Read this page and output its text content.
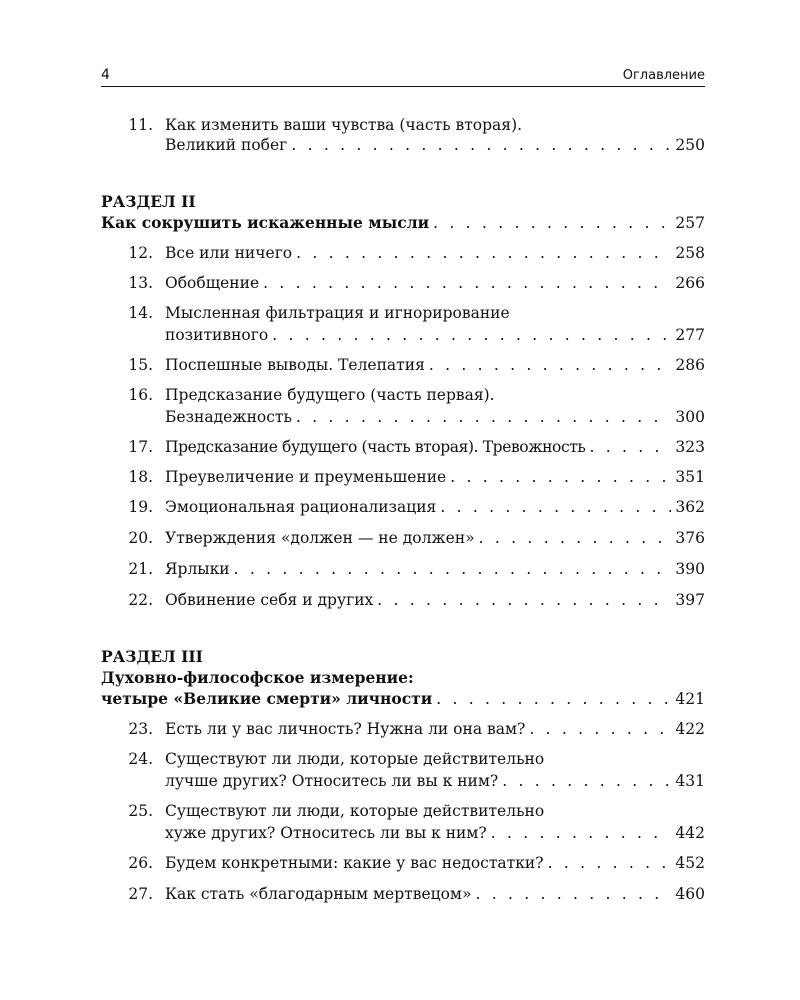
4	Оглавление
11. Как изменить ваши чувства (часть вторая).
Великий побег . . .	250
РАЗДЕЛ II
Как сокрушить искаженные мысли . . .	257
12. Все или ничего . . .	258
13. Обобщение . . .	266
14. Мысленная фильтрация и игнорирование
позитивного . . .	277
15. Поспешные выводы. Телепатия . . .	286
16. Предсказание будущего (часть первая).
Безнадежность . . .	300
17. Предсказание будущего (часть вторая). Тревожность . . .	323
18. Преувеличение и преуменьшение . . .	351
19. Эмоциональная рационализация . . .	362
20. Утверждения «должен — не должен» . . .	376
21. Ярлыки . . .	390
22. Обвинение себя и других . . .	397
РАЗДЕЛ III
Духовно-философское измерение:
четыре «Великие смерти» личности . . .	421
23. Есть ли у вас личность? Нужна ли она вам? . . .	422
24. Существуют ли люди, которые действительно
лучше других? Относитесь ли вы к ним? . . .	431
25. Существуют ли люди, которые действительно
хуже других? Относитесь ли вы к ним? . . .	442
26. Будем конкретными: какие у вас недостатки? . . .	452
27. Как стать «благодарным мертвецом» . . .	460
